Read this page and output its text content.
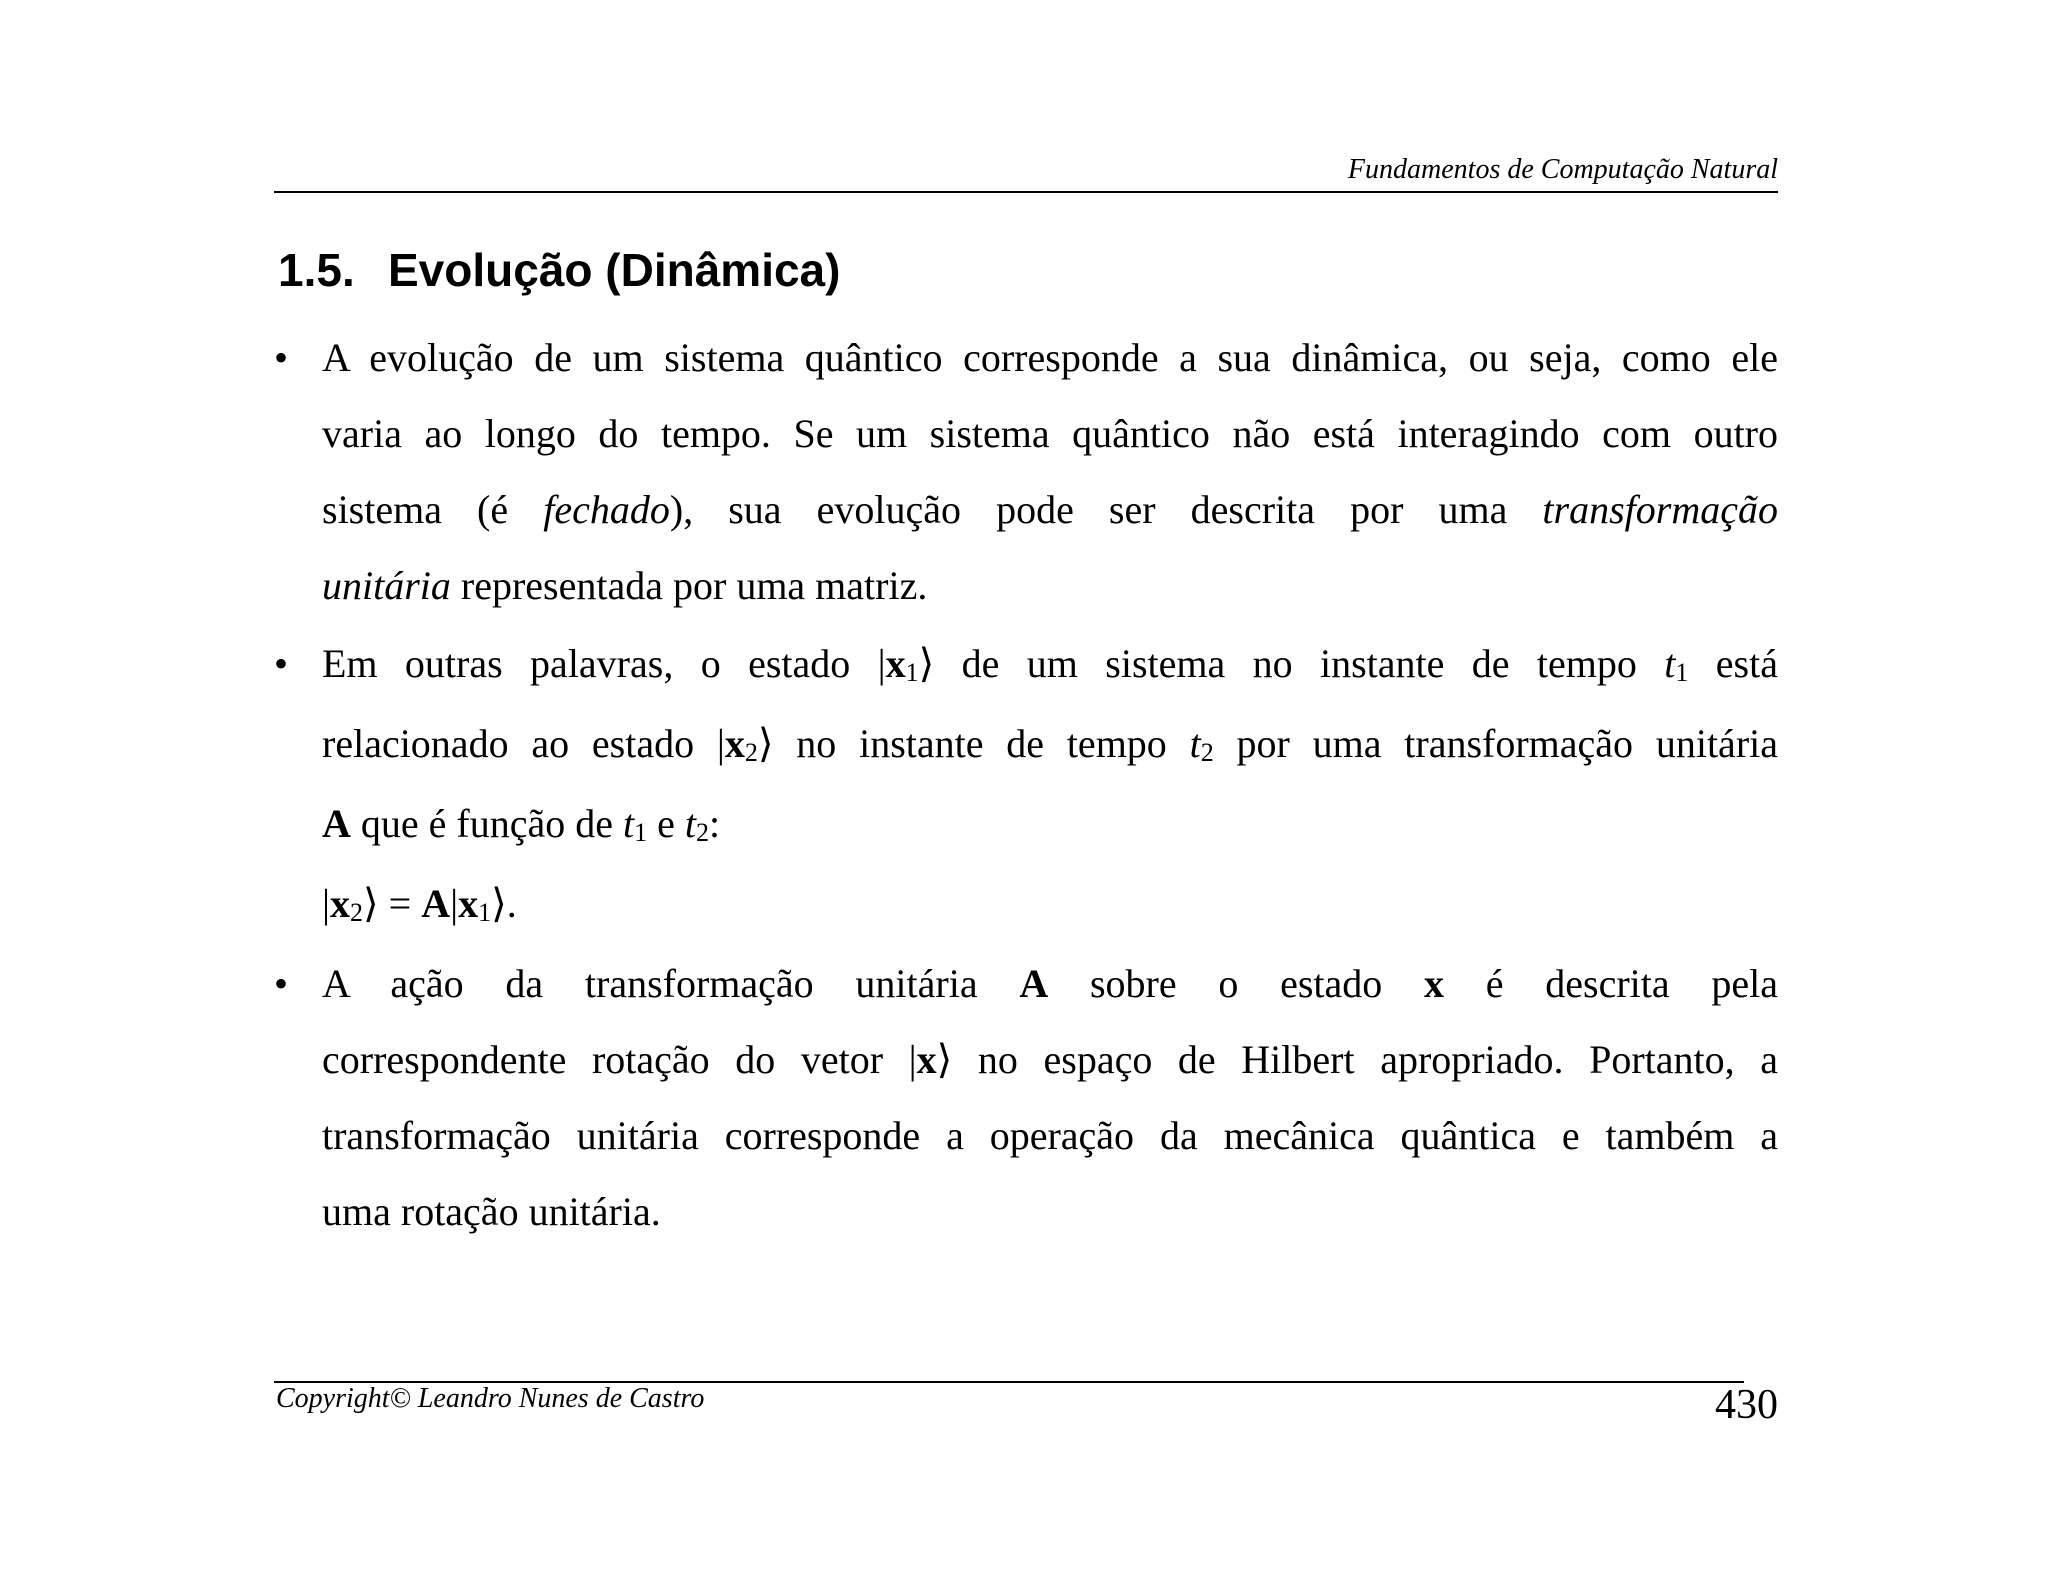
Fundamentos de Computação Natural
1.5. Evolução (Dinâmica)
• A evolução de um sistema quântico corresponde a sua dinâmica, ou seja, como ele
varia ao longo do tempo. Se um sistema quântico não está interagindo com outro
sistema (é fechado), sua evolução pode ser descrita por uma transformação
unitária representada por uma matriz.
• Em outras palavras, o estado $|x_1⟩$ de um sistema no instante de tempo $t_1$ está
relacionado ao estado $|x_2⟩$ no instante de tempo $t_2$ por uma transformação unitária
A que é função de $t_1$ e $t_2$:
$|x_2⟩$ = $A|x_1⟩$.
• A ação da transformação unitária A sobre o estado x é descrita pela
correspondente rotação do vetor |x⟩ no espaço de Hilbert apropriado. Portanto, a
transformação unitária corresponde a operação da mecânica quântica e também a
uma rotação unitária.
Copyright© Leandro Nunes de Castro	430
